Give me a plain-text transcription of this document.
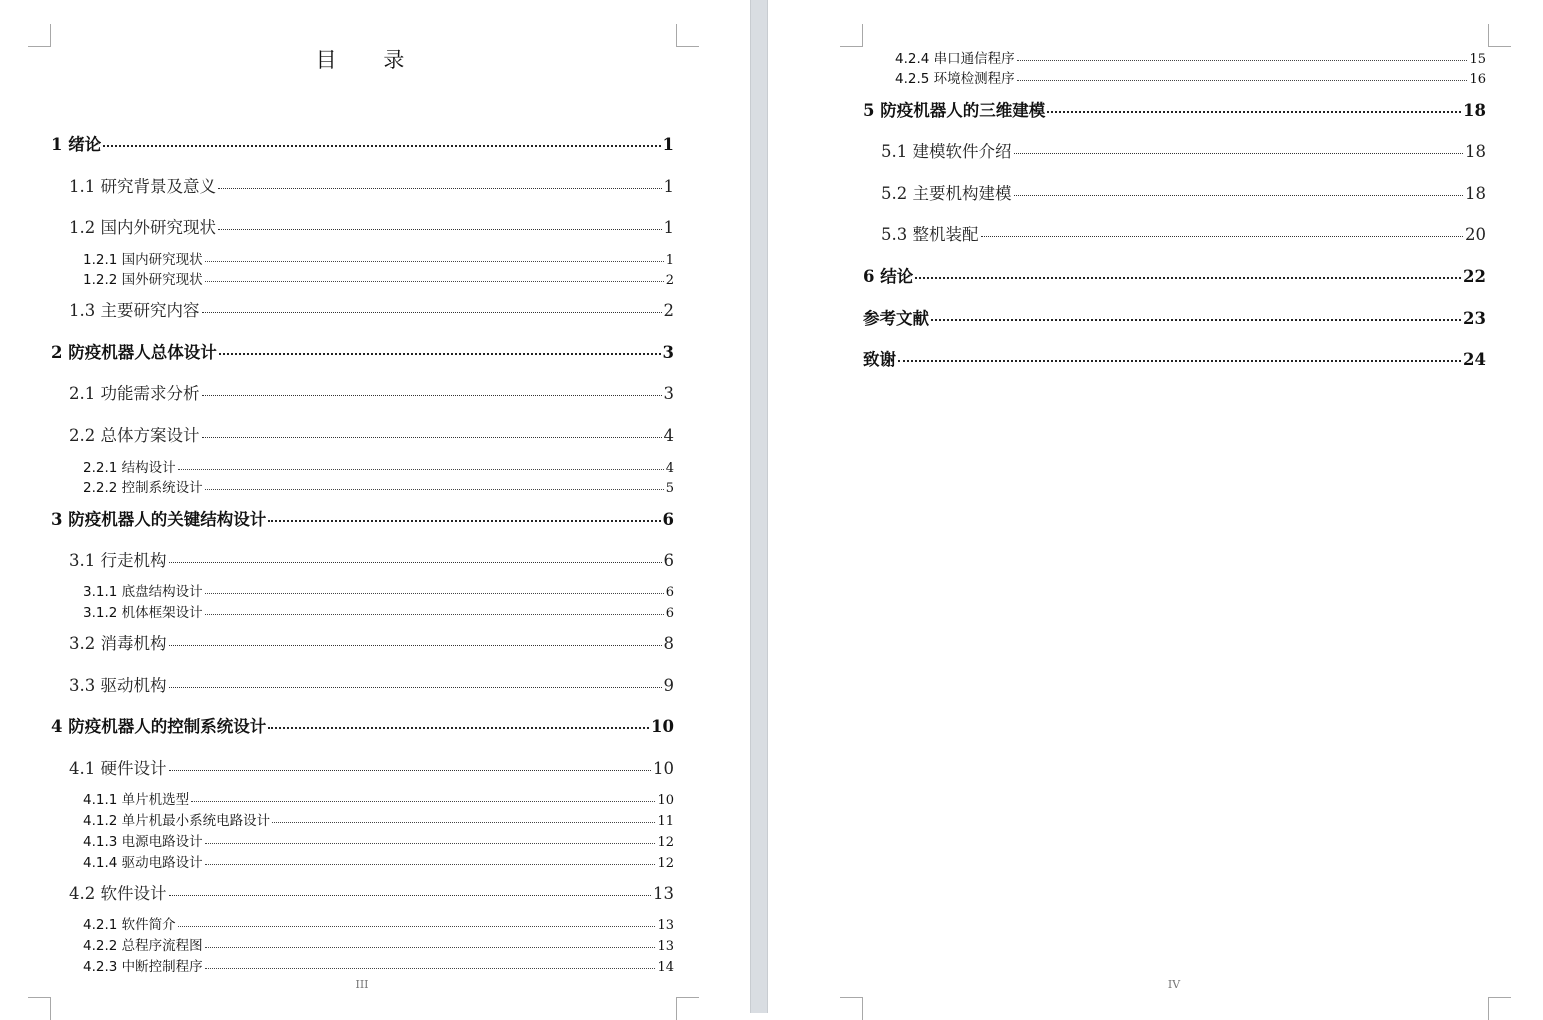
目 录
1 绪论	1
1.1 研究背景及意义	1
1.2 国内外研究现状	1
1.2.1 国内研究现状	1
1.2.2 国外研究现状	2
1.3 主要研究内容	2
2 防疫机器人总体设计	3
2.1 功能需求分析	3
2.2 总体方案设计	4
2.2.1 结构设计	4
2.2.2 控制系统设计	5
3 防疫机器人的关键结构设计	6
3.1 行走机构	6
3.1.1 底盘结构设计	6
3.1.2 机体框架设计	6
3.2 消毒机构	8
3.3 驱动机构	9
4 防疫机器人的控制系统设计	10
4.1 硬件设计	10
4.1.1 单片机选型	10
4.1.2 单片机最小系统电路设计	11
4.1.3 电源电路设计	12
4.1.4 驱动电路设计	12
4.2 软件设计	13
4.2.1 软件简介	13
4.2.2 总程序流程图	13
4.2.3 中断控制程序	14
III
4.2.4 串口通信程序	15
4.2.5 环境检测程序	16
5 防疫机器人的三维建模	18
5.1 建模软件介绍	18
5.2 主要机构建模	18
5.3 整机装配	20
6 结论	22
参考文献	23
致谢	24
IV
